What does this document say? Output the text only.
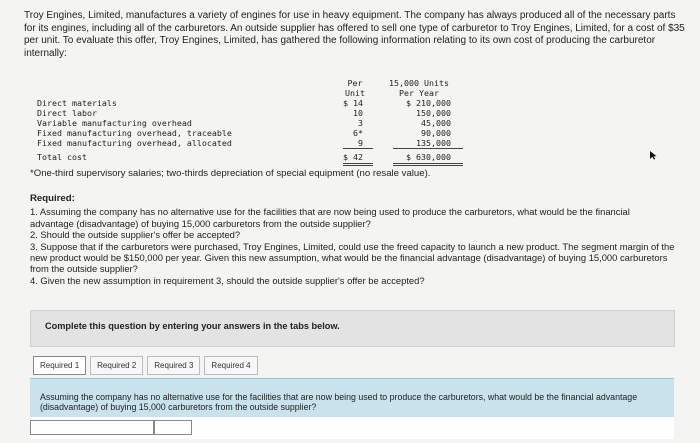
Troy Engines, Limited, manufactures a variety of engines for use in heavy equipment. The company has always produced all of the necessary parts for its engines, including all of the carburetors. An outside supplier has offered to sell one type of carburetor to Troy Engines, Limited, for a cost of $35 per unit. To evaluate this offer, Troy Engines, Limited, has gathered the following information relating to its own cost of producing the carburetor internally:
Per
Unit
15,000 Units
Per Year
Direct materials	$ 14	$ 210,000
Direct labor	10	150,000
Variable manufacturing overhead	3	45,000
Fixed manufacturing overhead, traceable	6*	90,000
Fixed manufacturing overhead, allocated	9	135,000
Total cost	$ 42	$ 630,000
*One-third supervisory salaries; two-thirds depreciation of special equipment (no resale value).
Required:
1. Assuming the company has no alternative use for the facilities that are now being used to produce the carburetors, what would be the financial advantage (disadvantage) of buying 15,000 carburetors from the outside supplier?
2. Should the outside supplier's offer be accepted?
3. Suppose that if the carburetors were purchased, Troy Engines, Limited, could use the freed capacity to launch a new product. The segment margin of the new product would be $150,000 per year. Given this new assumption, what would be the financial advantage (disadvantage) of buying 15,000 carburetors from the outside supplier?
4. Given the new assumption in requirement 3, should the outside supplier's offer be accepted?
Complete this question by entering your answers in the tabs below.
Required 1	Required 2	Required 3	Required 4
Assuming the company has no alternative use for the facilities that are now being used to produce the carburetors, what would be the financial advantage (disadvantage) of buying 15,000 carburetors from the outside supplier?
